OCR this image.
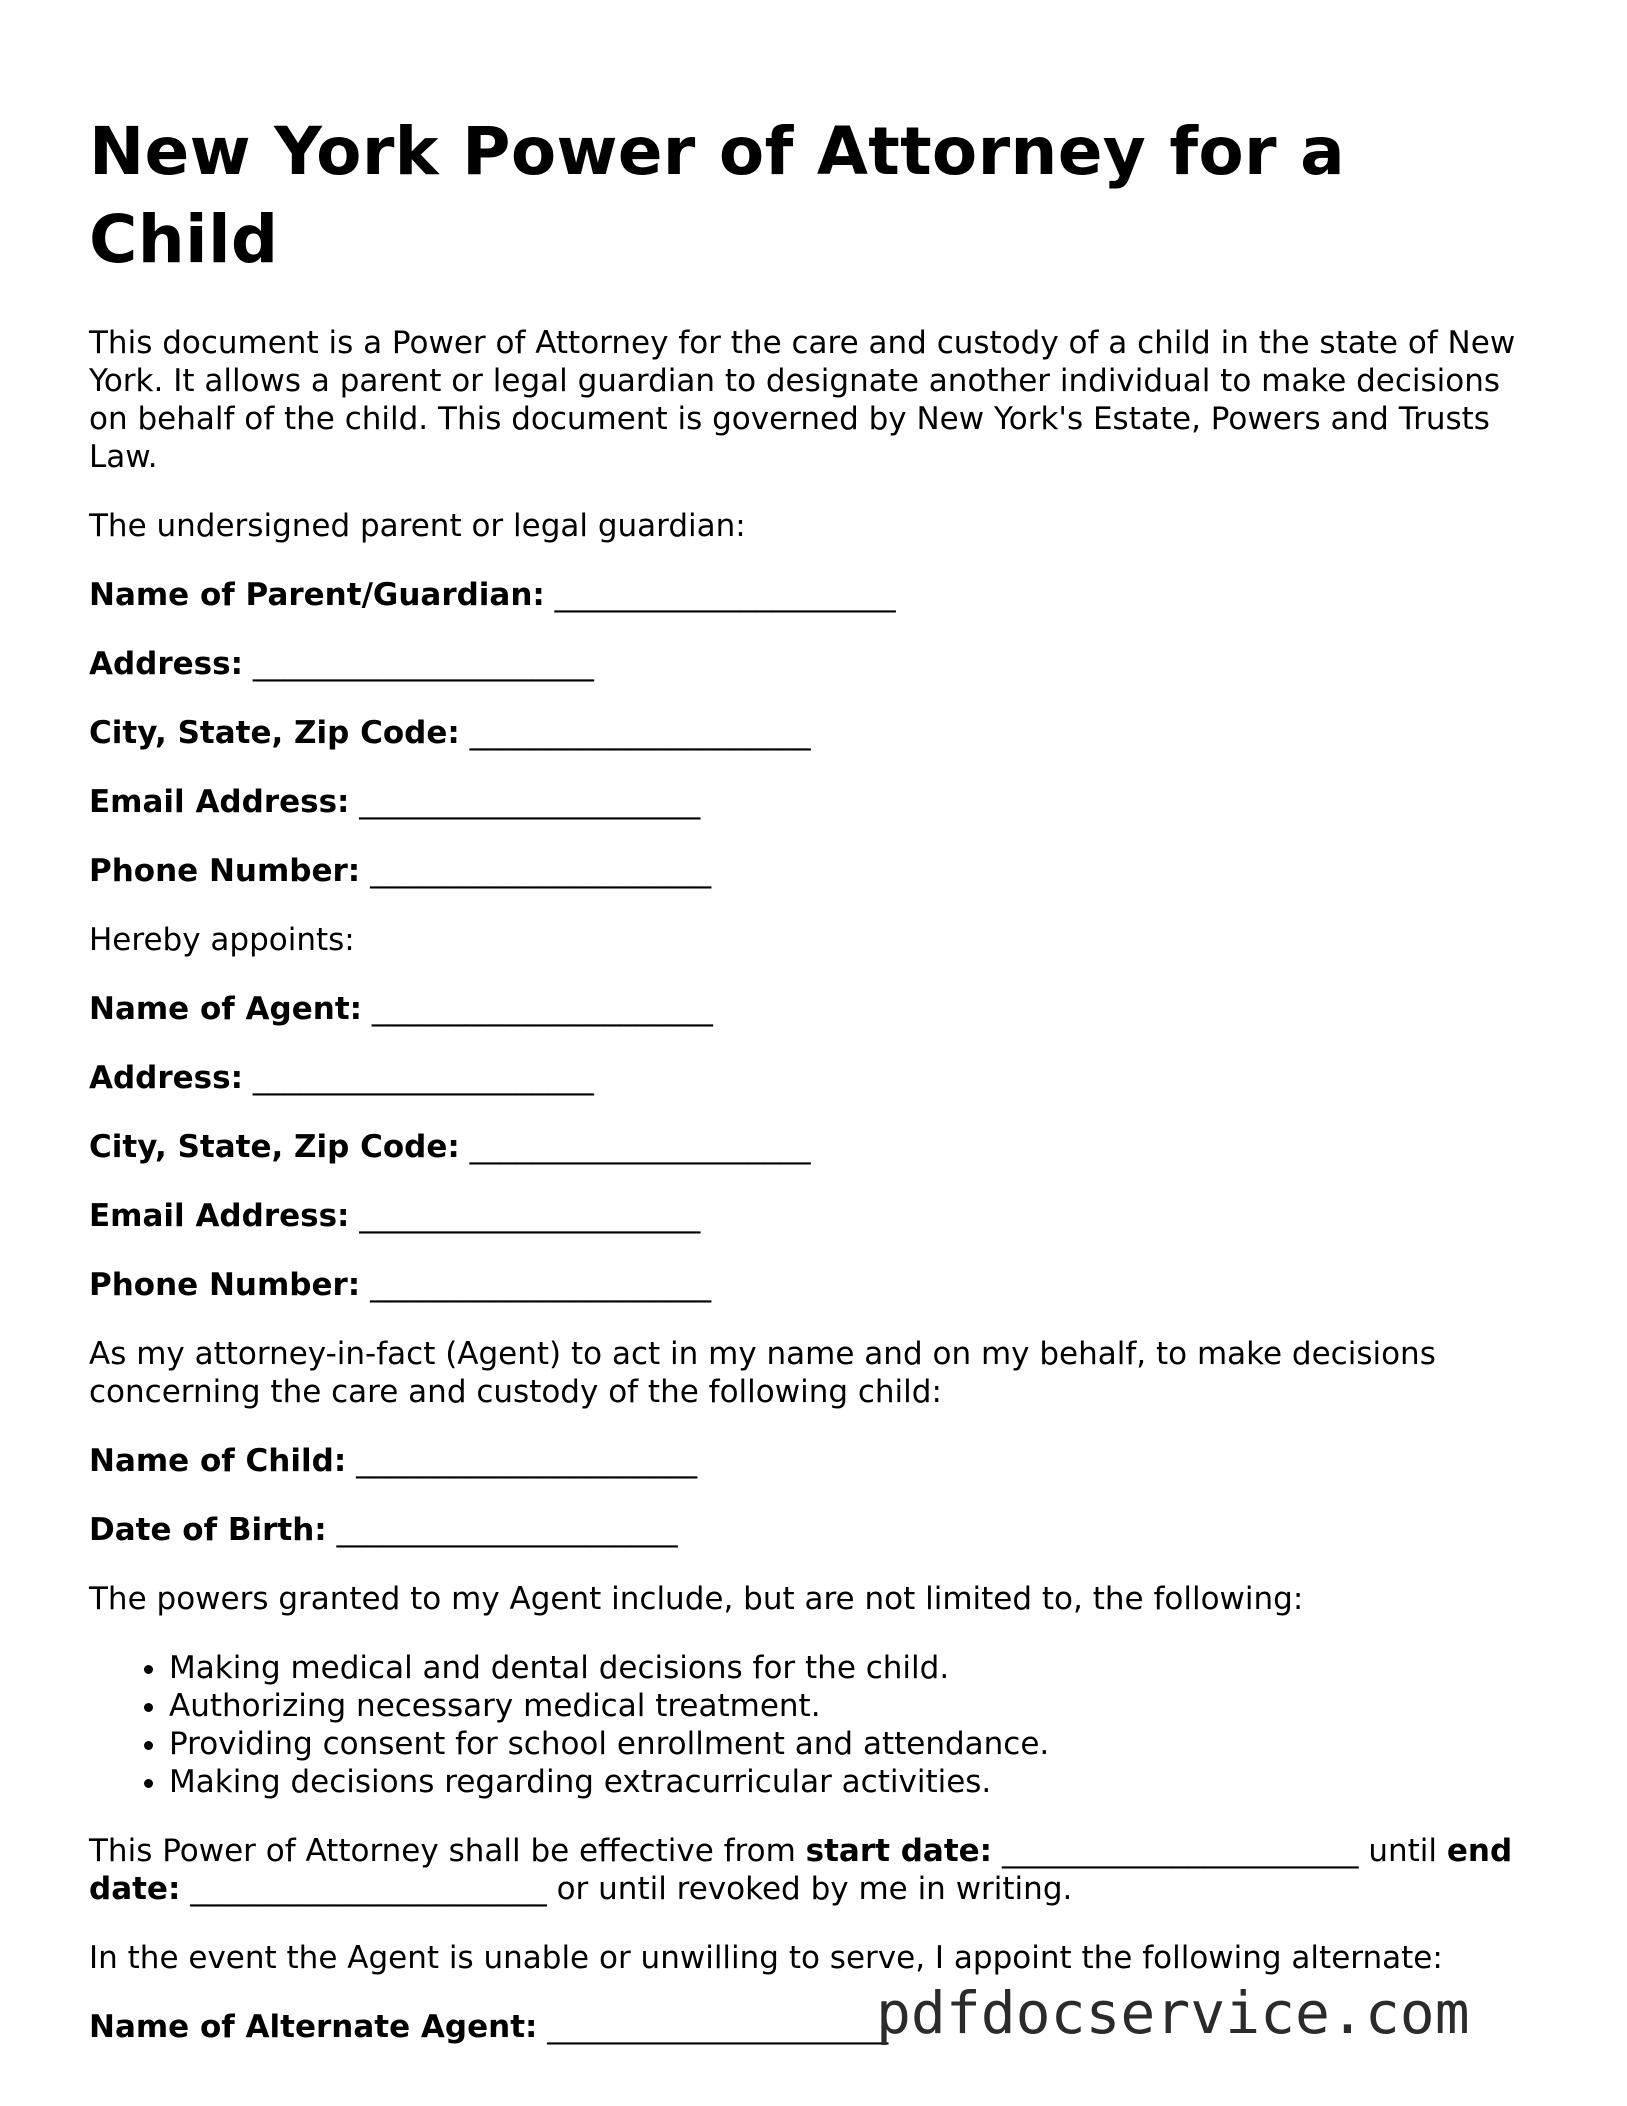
New York Power of Attorney for a Child

This document is a Power of Attorney for the care and custody of a child in the state of New York. It allows a parent or legal guardian to designate another individual to make decisions on behalf of the child. This document is governed by New York's Estate, Powers and Trusts Law.

The undersigned parent or legal guardian:

Name of Parent/Guardian: ______________________

Address: ______________________

City, State, Zip Code: ______________________

Email Address: ______________________

Phone Number: ______________________

Hereby appoints:

Name of Agent: ______________________

Address: ______________________

City, State, Zip Code: ______________________

Email Address: ______________________

Phone Number: ______________________

As my attorney-in-fact (Agent) to act in my name and on my behalf, to make decisions concerning the care and custody of the following child:

Name of Child: ______________________

Date of Birth: ______________________

The powers granted to my Agent include, but are not limited to, the following:

• Making medical and dental decisions for the child.
• Authorizing necessary medical treatment.
• Providing consent for school enrollment and attendance.
• Making decisions regarding extracurricular activities.

This Power of Attorney shall be effective from start date: _______________________ until end date: _______________________ or until revoked by me in writing.

In the event the Agent is unable or unwilling to serve, I appoint the following alternate:

Name of Alternate Agent: ______________________

pdfdocservice.com
